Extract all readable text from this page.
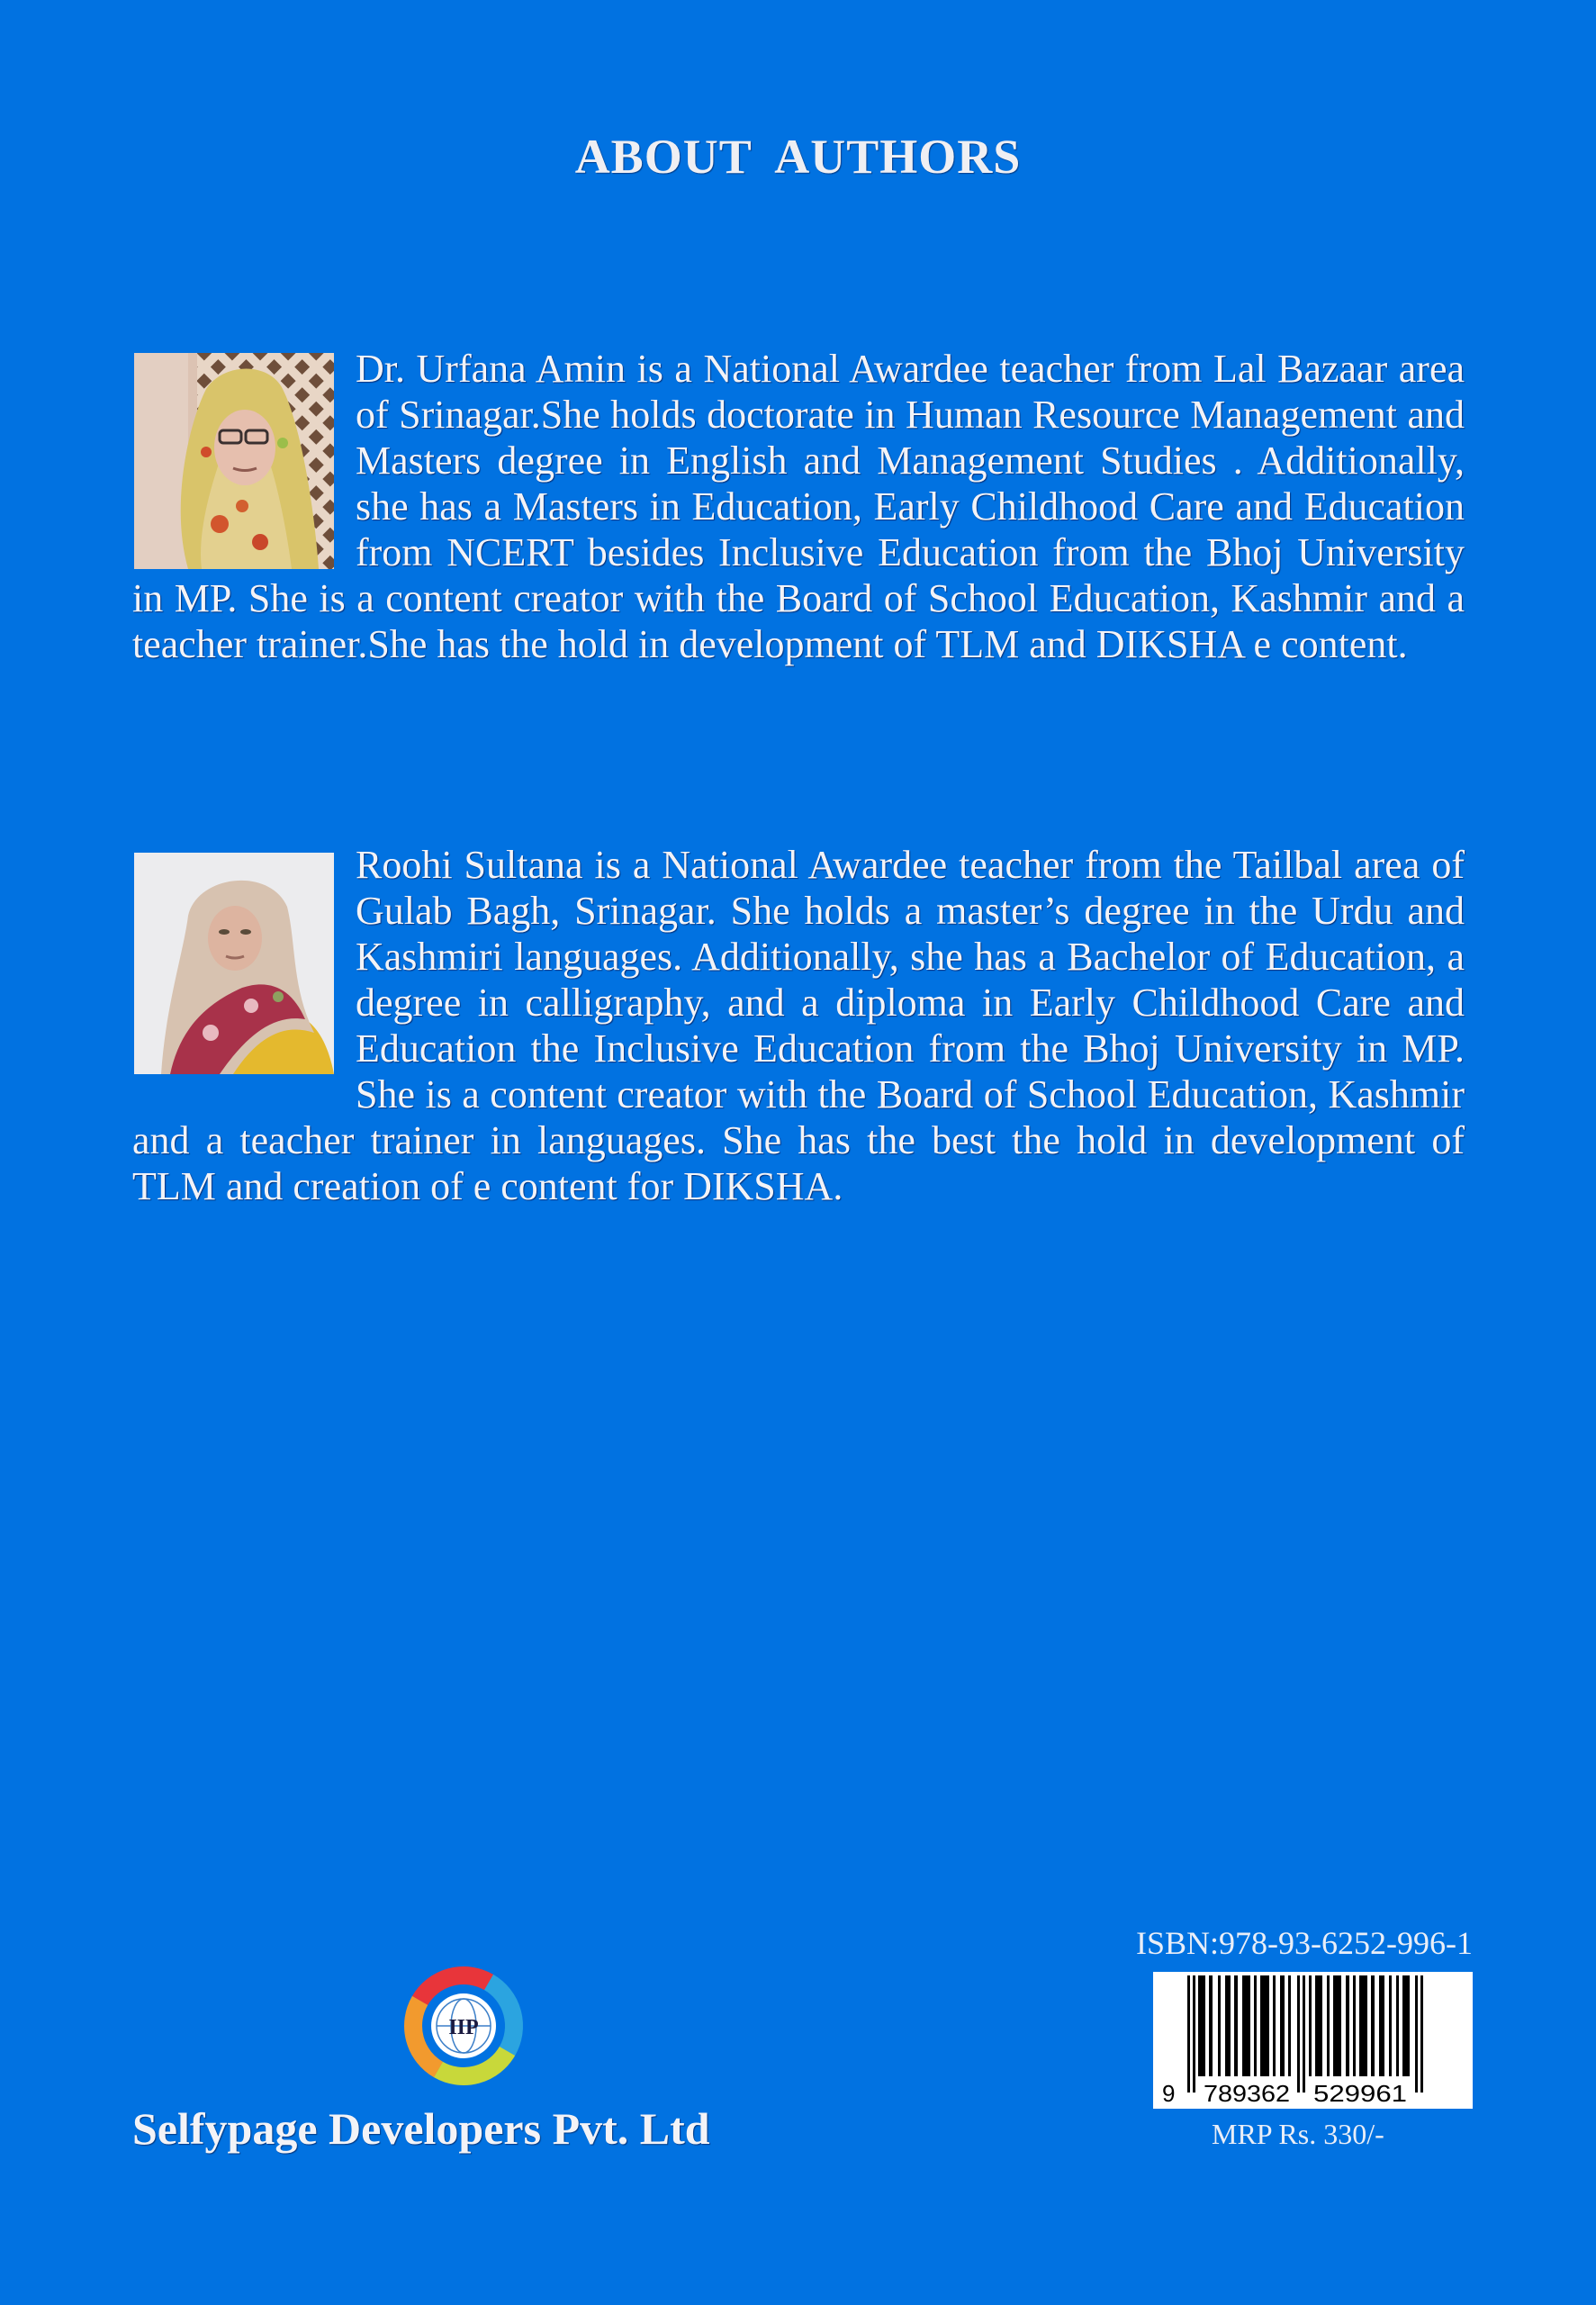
ABOUT AUTHORS
Dr. Urfana Amin is a National Awardee teacher from Lal Bazaar area of Srinagar.She holds doctorate in Human Resource Management and Masters degree in English and Management Studies . Additionally, she has a Masters in Education, Early Childhood Care and Education from NCERT besides Inclusive Education from the Bhoj University in MP. She is a content creator with the Board of School Education, Kashmir and a teacher trainer.She has the hold in development of TLM and DIKSHA e content.
Roohi Sultana is a National Awardee teacher from the Tailbal area of Gulab Bagh, Srinagar. She holds a master’s degree in the Urdu and Kashmiri languages. Additionally, she has a Bachelor of Education, a degree in calligraphy, and a diploma in Early Childhood Care and Education the Inclusive Education from the Bhoj University in MP. She is a content creator with the Board of School Education, Kashmir and a teacher trainer in languages. She has the best the hold in development of TLM and creation of e content for DIKSHA.
IIP
Selfypage Developers Pvt. Ltd
ISBN:978-93-6252-996-1
9 789362 529961
MRP Rs. 330/-
